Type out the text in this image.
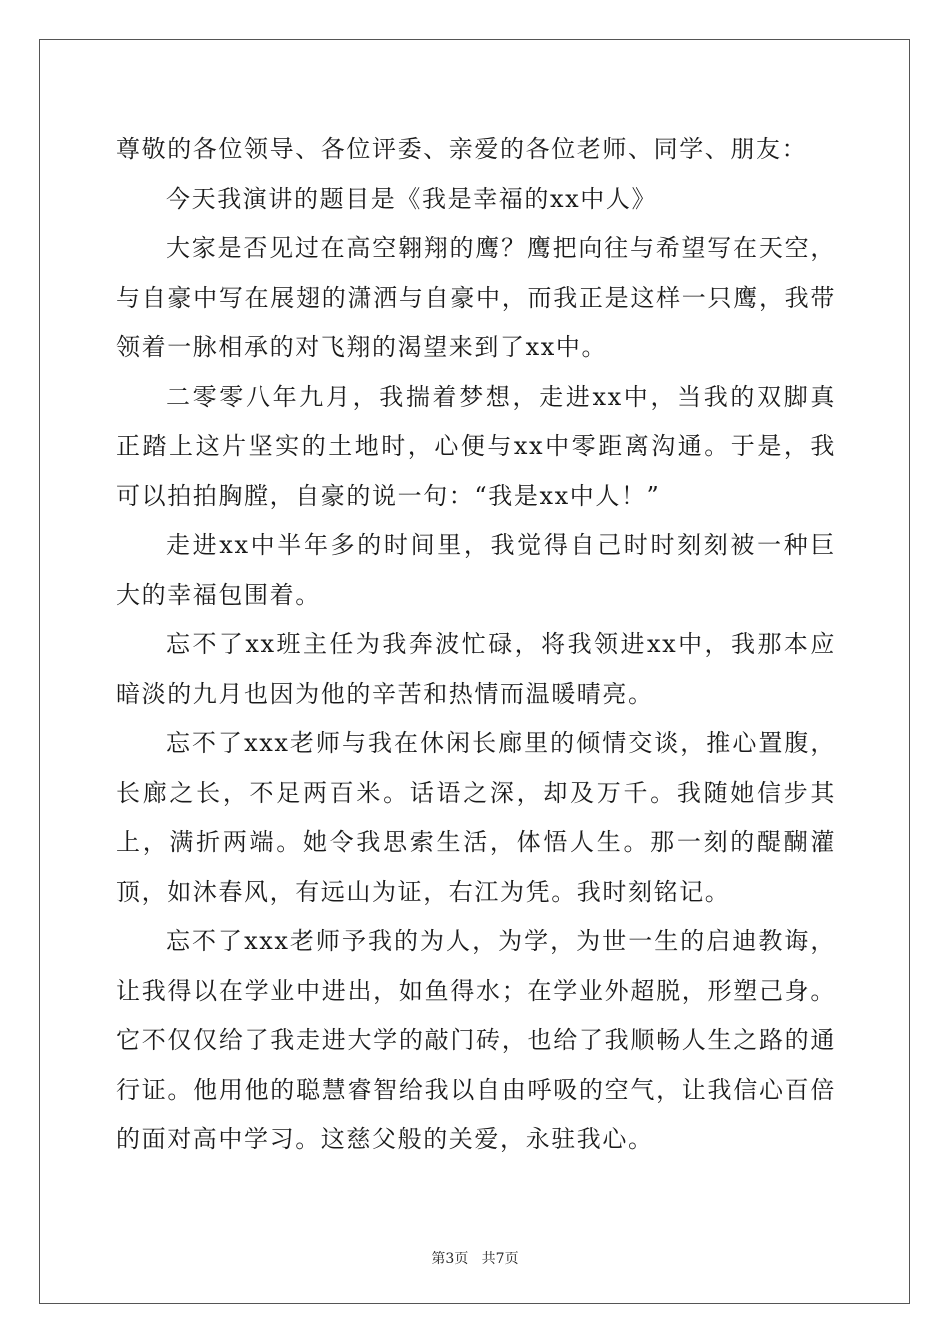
尊敬的各位领导、各位评委、亲爱的各位老师、同学、朋友：

今天我演讲的题目是《我是幸福的xx中人》

大家是否见过在高空翱翔的鹰？鹰把向往与希望写在天空，与自豪中写在展翅的潇洒与自豪中，而我正是这样一只鹰，我带领着一脉相承的对飞翔的渴望来到了xx中。

二零零八年九月，我揣着梦想，走进xx中，当我的双脚真正踏上这片坚实的土地时，心便与xx中零距离沟通。于是，我可以拍拍胸膛，自豪的说一句：“我是xx中人！”

走进xx中半年多的时间里，我觉得自己时时刻刻被一种巨大的幸福包围着。

忘不了xx班主任为我奔波忙碌，将我领进xx中，我那本应暗淡的九月也因为他的辛苦和热情而温暖晴亮。

忘不了xxx老师与我在休闲长廊里的倾情交谈，推心置腹，长廊之长，不足两百米。话语之深，却及万千。我随她信步其上，满折两端。她令我思索生活，体悟人生。那一刻的醍醐灌顶，如沐春风，有远山为证，右江为凭。我时刻铭记。

忘不了xxx老师予我的为人，为学，为世一生的启迪教诲，让我得以在学业中进出，如鱼得水；在学业外超脱，形塑己身。它不仅仅给了我走进大学的敲门砖，也给了我顺畅人生之路的通行证。他用他的聪慧睿智给我以自由呼吸的空气，让我信心百倍的面对高中学习。这慈父般的关爱，永驻我心。

第3页   共7页
